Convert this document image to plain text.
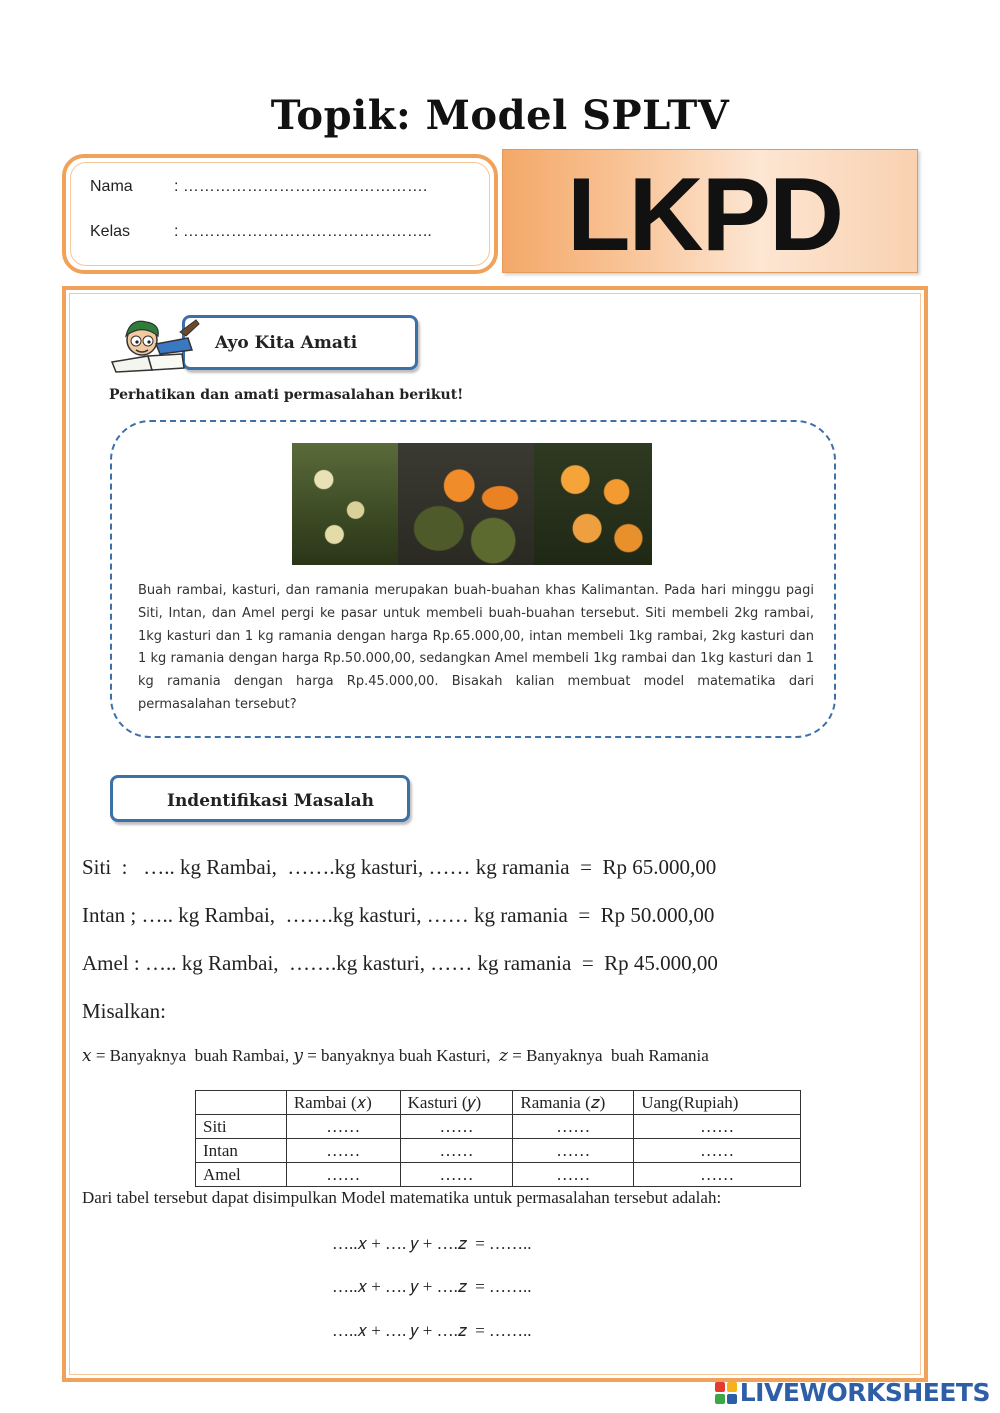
Topik: Model SPLTV
Nama	: ……………………………………….
Kelas	: ……………………………………….. LKPD
Ayo Kita Amati
Perhatikan dan amati permasalahan berikut!
Buah rambai, kasturi, dan ramania merupakan buah-buahan khas Kalimantan. Pada hari minggu pagi Siti, Intan, dan Amel pergi ke pasar untuk membeli buah-buahan tersebut. Siti membeli 2kg rambai, 1kg kasturi dan 1 kg ramania dengan harga Rp.65.000,00, intan membeli 1kg rambai, 2kg kasturi dan 1 kg ramania dengan harga Rp.50.000,00, sedangkan Amel membeli 1kg rambai dan 1kg kasturi dan 1 kg ramania dengan harga Rp.45.000,00. Bisakah kalian membuat model matematika dari permasalahan tersebut?
Indentifikasi Masalah
Siti  :   ….. kg Rambai,  …….kg kasturi, …… kg ramania  =  Rp 65.000,00
Intan ; ….. kg Rambai,  …….kg kasturi, …… kg ramania  =  Rp 50.000,00
Amel : ….. kg Rambai,  …….kg kasturi, …… kg ramania  =  Rp 45.000,00
Misalkan:
x = Banyaknya  buah Rambai, y = banyaknya buah Kasturi,  z = Banyaknya  buah Ramania
	Rambai (𝑥)	Kasturi (𝑦)	Ramania (𝑧)	Uang(Rupiah)
Siti	……	……	……	……
Intan	……	……	……	……
Amel	……	……	……	……
Dari tabel tersebut dapat disimpulkan Model matematika untuk permasalahan tersebut adalah:
…..𝑥 + …. 𝑦 + ….𝑧  = ……..
…..𝑥 + …. 𝑦 + ….𝑧  = ……..
…..𝑥 + …. 𝑦 + ….𝑧  = ……..
LIVEWORKSHEETS
